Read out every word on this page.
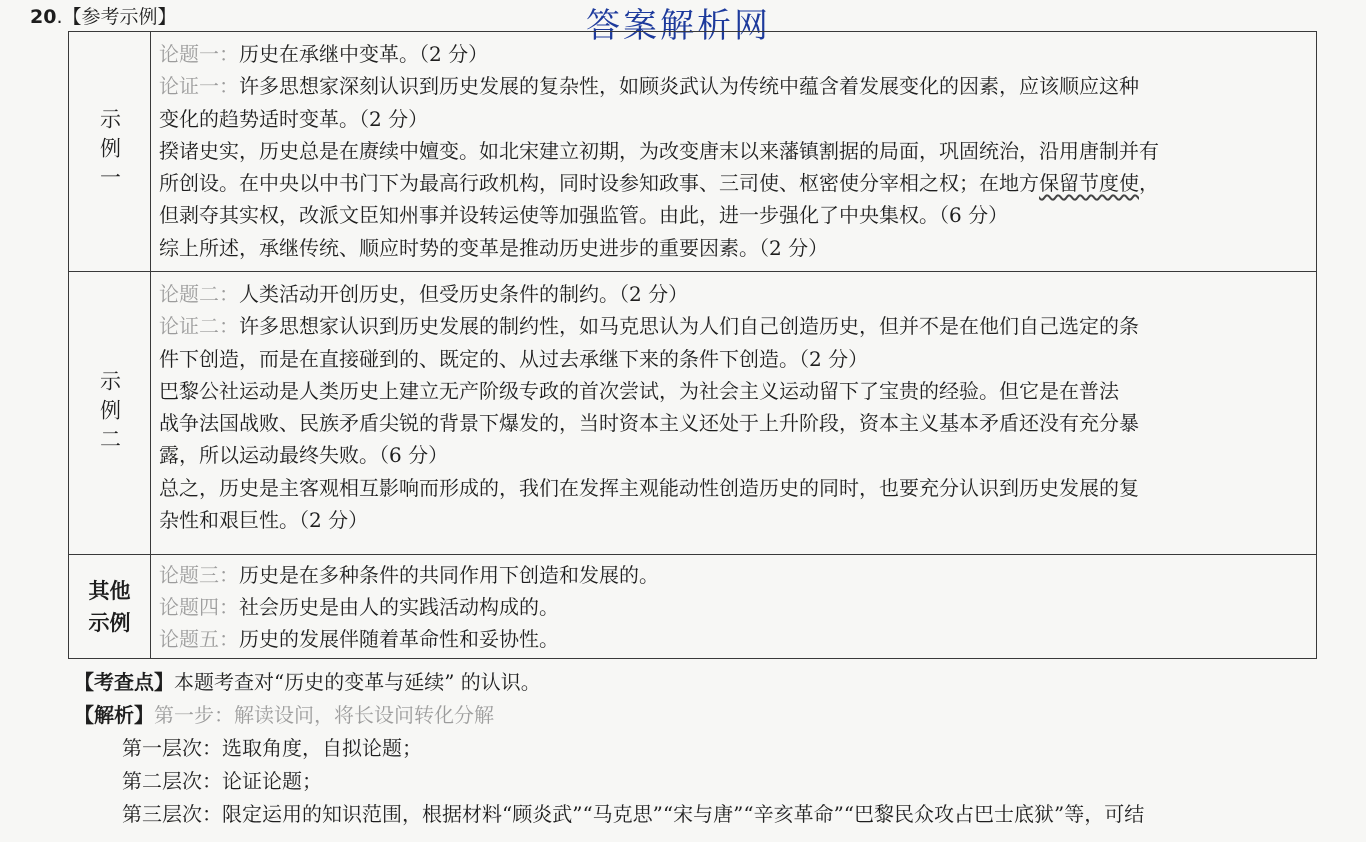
20.【参考示例】	答案解析网
示例一

论题一：历史在承继中变革。（2 分）

论证一：许多思想家深刻认识到历史发展的复杂性，如顾炎武认为传统中蕴含着发展变化的因素，应该顺应这种

变化的趋势适时变革。（2 分）

揆诸史实，历史总是在赓续中嬗变。如北宋建立初期，为改变唐末以来藩镇割据的局面，巩固统治，沿用唐制并有

所创设。在中央以中书门下为最高行政机构，同时设参知政事、三司使、枢密使分宰相之权；在地方保留节度使，

但剥夺其实权，改派文臣知州事并设转运使等加强监管。由此，进一步强化了中央集权。（6 分）

综上所述，承继传统、顺应时势的变革是推动历史进步的重要因素。（2 分）

示例二

论题二：人类活动开创历史，但受历史条件的制约。（2 分）

论证二：许多思想家认识到历史发展的制约性，如马克思认为人们自己创造历史，但并不是在他们自己选定的条

件下创造，而是在直接碰到的、既定的、从过去承继下来的条件下创造。（2 分）

巴黎公社运动是人类历史上建立无产阶级专政的首次尝试，为社会主义运动留下了宝贵的经验。但它是在普法

战争法国战败、民族矛盾尖锐的背景下爆发的，当时资本主义还处于上升阶段，资本主义基本矛盾还没有充分暴

露，所以运动最终失败。（6 分）

总之，历史是主客观相互影响而形成的，我们在发挥主观能动性创造历史的同时，也要充分认识到历史发展的复

杂性和艰巨性。（2 分）

其他示例

论题三：历史是在多种条件的共同作用下创造和发展的。

论题四：社会历史是由人的实践活动构成的。

论题五：历史的发展伴随着革命性和妥协性。

【考查点】本题考查对“历史的变革与延续” 的认识。

【解析】第一步：解读设问，将长设问转化分解

第一层次：选取角度，自拟论题；

第二层次：论证论题；

第三层次：限定运用的知识范围，根据材料“顾炎武”“马克思”“宋与唐”“辛亥革命”“巴黎民众攻占巴士底狱”等，可结
